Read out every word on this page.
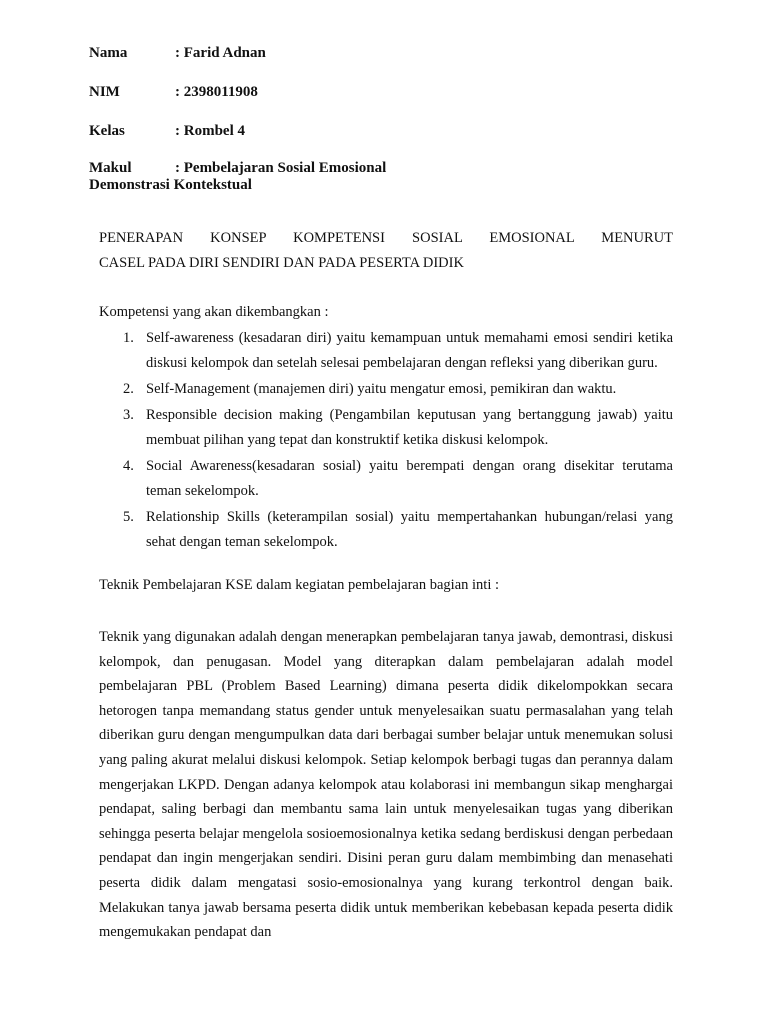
Nama	: Farid Adnan
NIM	: 2398011908
Kelas	: Rombel 4
Makul	: Pembelajaran Sosial Emosional
Demonstrasi Kontekstual
PENERAPAN KONSEP KOMPETENSI SOSIAL EMOSIONAL MENURUT
CASEL PADA DIRI SENDIRI DAN PADA PESERTA DIDIK
Kompetensi yang akan dikembangkan :
1. Self-awareness (kesadaran diri) yaitu kemampuan untuk memahami emosi sendiri ketika diskusi kelompok dan setelah selesai pembelajaran dengan refleksi yang diberikan guru.
2. Self-Management (manajemen diri) yaitu mengatur emosi, pemikiran dan waktu.
3. Responsible decision making (Pengambilan keputusan yang bertanggung jawab) yaitu membuat pilihan yang tepat dan konstruktif ketika diskusi kelompok.
4. Social Awareness(kesadaran sosial) yaitu berempati dengan orang disekitar terutama teman sekelompok.
5. Relationship Skills (keterampilan sosial) yaitu mempertahankan hubungan/relasi yang sehat dengan teman sekelompok.
Teknik Pembelajaran KSE dalam kegiatan pembelajaran bagian inti :
Teknik yang digunakan adalah dengan menerapkan pembelajaran tanya jawab, demontrasi, diskusi kelompok, dan penugasan. Model yang diterapkan dalam pembelajaran adalah model pembelajaran PBL (Problem Based Learning) dimana peserta didik dikelompokkan secara hetorogen tanpa memandang status gender untuk menyelesaikan suatu permasalahan yang telah diberikan guru dengan mengumpulkan data dari berbagai sumber belajar untuk menemukan solusi yang paling akurat melalui diskusi kelompok. Setiap kelompok berbagi tugas dan perannya dalam mengerjakan LKPD. Dengan adanya kelompok atau kolaborasi ini membangun sikap menghargai pendapat, saling berbagi dan membantu sama lain untuk menyelesaikan tugas yang diberikan sehingga peserta belajar mengelola sosioemosionalnya ketika sedang berdiskusi dengan perbedaan pendapat dan ingin mengerjakan sendiri. Disini peran guru dalam membimbing dan menasehati peserta didik dalam mengatasi sosio-emosionalnya yang kurang terkontrol dengan baik. Melakukan tanya jawab bersama peserta didik untuk memberikan kebebasan kepada peserta didik mengemukakan pendapat dan
